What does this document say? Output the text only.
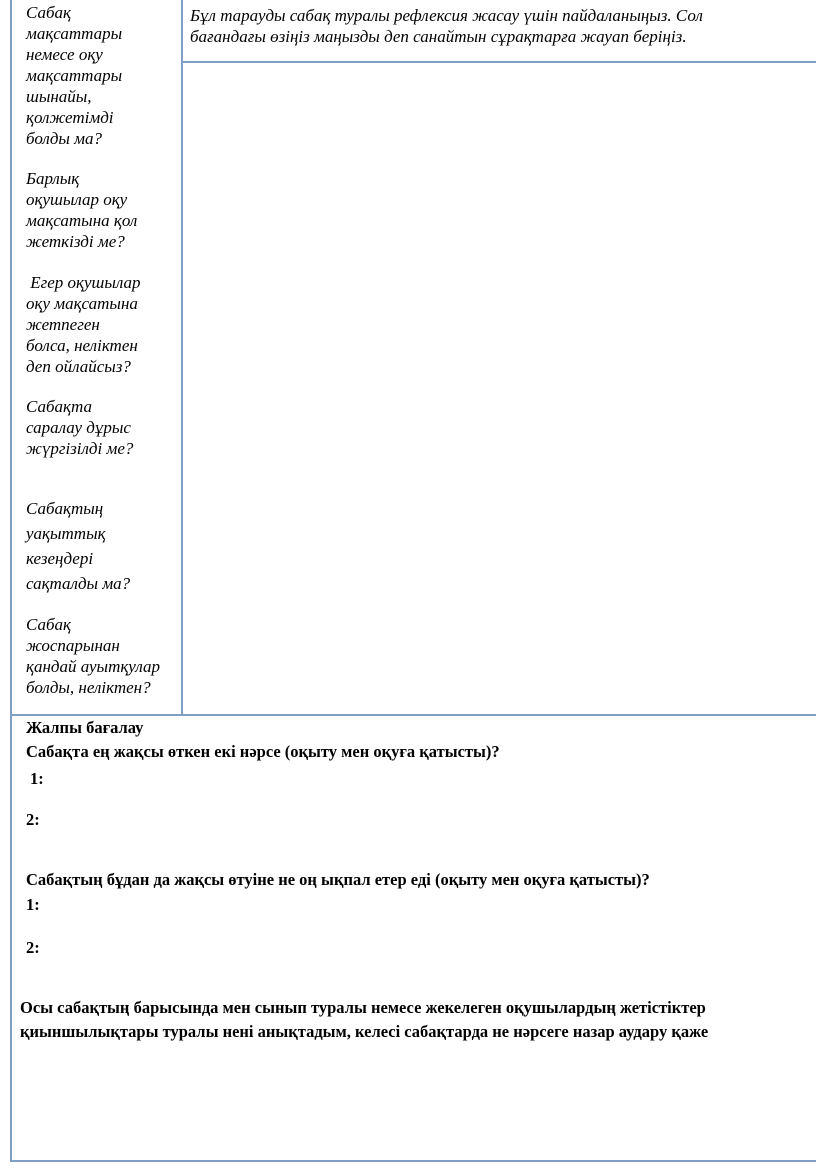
Сабақ
мақсаттары
немесе оқу
мақсаттары
шынайы,
қолжетімді
болды ма?

Барлық
оқушылар оқу
мақсатына қол
жеткізді ме?

Егер оқушылар
оқу мақсатына
жетпеген
болса, неліктен
деп ойлайсыз?

Сабақта
саралау дұрыс
жүргізілді ме?

Сабақтың
уақыттық
кезеңдері
сақталды ма?

Сабақ
жоспарынан
қандай ауытқулар
болды, неліктен?

Бұл тарауды сабақ туралы рефлексия жасау үшін пайдаланыңыз. Сол
бағандағы өзіңіз маңызды деп санайтын сұрақтарға жауап беріңіз.

Жалпы бағалау

Сабақта ең жақсы өткен екі нәрсе (оқыту мен оқуға қатысты)?

1:

2:

Сабақтың бұдан да жақсы өтуіне не оң ықпал етер еді (оқыту мен оқуға қатысты)?

1:

2:

Осы сабақтың барысында мен сынып туралы немесе жекелеген оқушылардың жетістіктер
қиыншылықтары туралы нені анықтадым, келесі сабақтарда не нәрсеге назар аудару қаже
